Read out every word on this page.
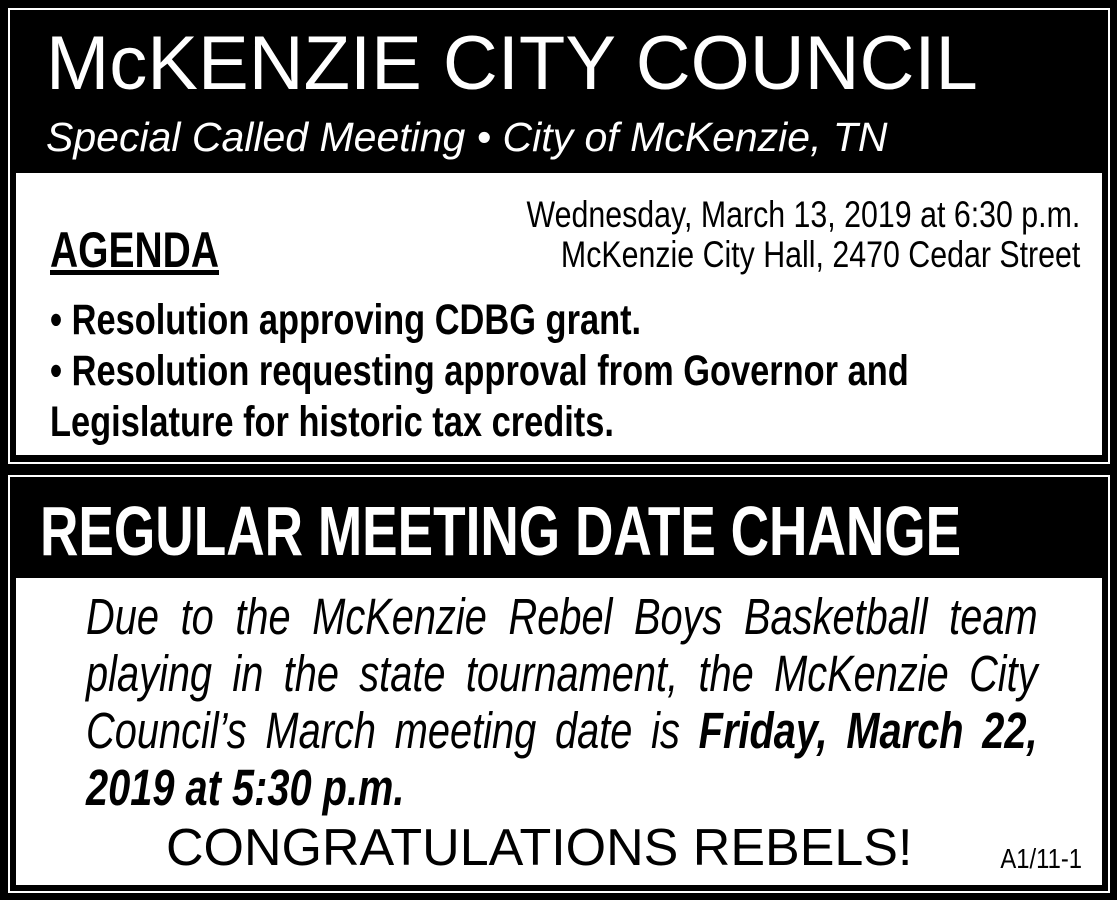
McKENZIE CITY COUNCIL
Special Called Meeting • City of McKenzie, TN
AGENDA
Wednesday, March 13, 2019 at 6:30 p.m.
McKenzie City Hall, 2470 Cedar Street
• Resolution approving CDBG grant.
• Resolution requesting approval from Governor and
Legislature for historic tax credits.
REGULAR MEETING DATE CHANGE
Due to the McKenzie Rebel Boys Basketball team playing in the state tournament, the McKenzie City Council’s March meeting date is Friday, March 22, 2019 at 5:30 p.m.
CONGRATULATIONS REBELS!	A1/11-1
